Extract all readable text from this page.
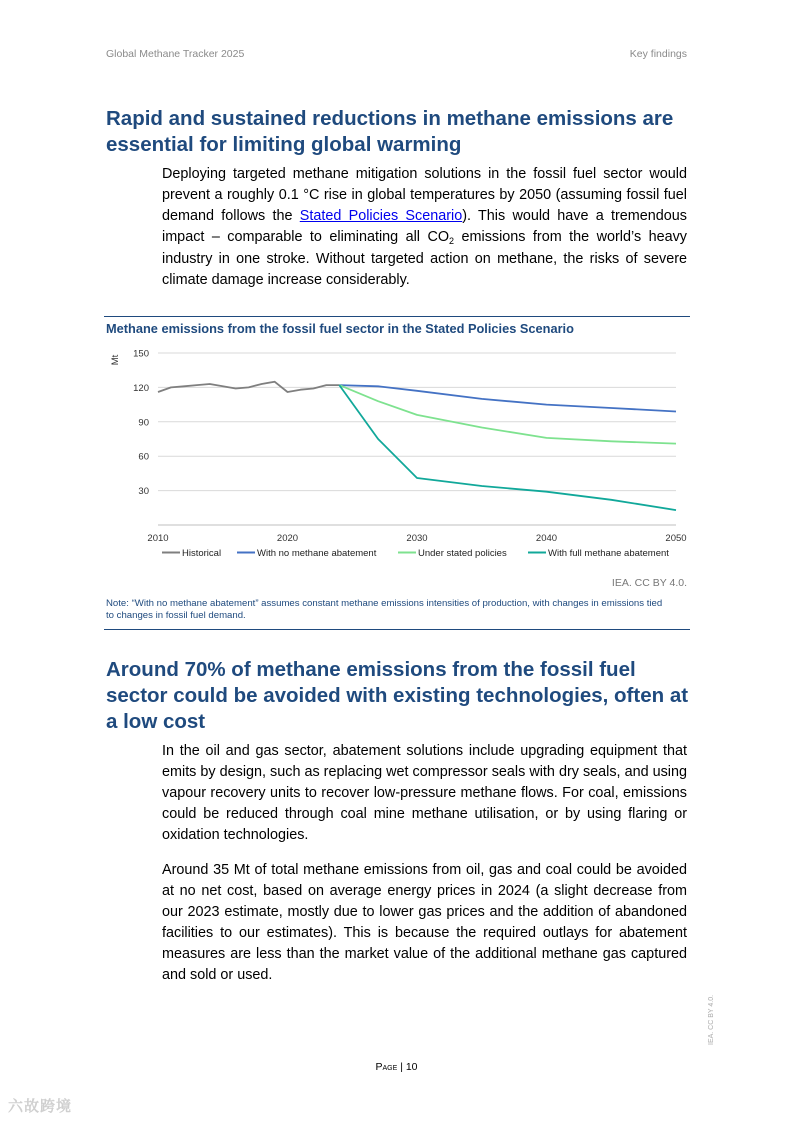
Global Methane Tracker 2025	Key findings
Rapid and sustained reductions in methane emissions are essential for limiting global warming

Deploying targeted methane mitigation solutions in the fossil fuel sector would prevent a roughly 0.1 °C rise in global temperatures by 2050 (assuming fossil fuel demand follows the Stated Policies Scenario). This would have a tremendous impact – comparable to eliminating all $CO_2$ emissions from the world’s heavy industry in one stroke. Without targeted action on methane, the risks of severe climate damage increase considerably.

Methane emissions from the fossil fuel sector in the Stated Policies Scenario
30
60
90
120
150
2010	2020	2030	2040	2050
Mt
Historical	With no methane abatement	Under stated policies	With full methane abatement
IEA. CC BY 4.0.

Note: “With no methane abatement” assumes constant methane emissions intensities of production, with changes in emissions tied to changes in fossil fuel demand.

Around 70% of methane emissions from the fossil fuel sector could be avoided with existing technologies, often at a low cost

In the oil and gas sector, abatement solutions include upgrading equipment that emits by design, such as replacing wet compressor seals with dry seals, and using vapour recovery units to recover low-pressure methane flows. For coal, emissions could be reduced through coal mine methane utilisation, or by using flaring or oxidation technologies.

Around 35 Mt of total methane emissions from oil, gas and coal could be avoided at no net cost, based on average energy prices in 2024 (a slight decrease from our 2023 estimate, mostly due to lower gas prices and the addition of abandoned facilities to our estimates). This is because the required outlays for abatement measures are less than the market value of the additional methane gas captured and sold or used.

Page | 10
IEA. CC BY 4.0.
六故跨境
